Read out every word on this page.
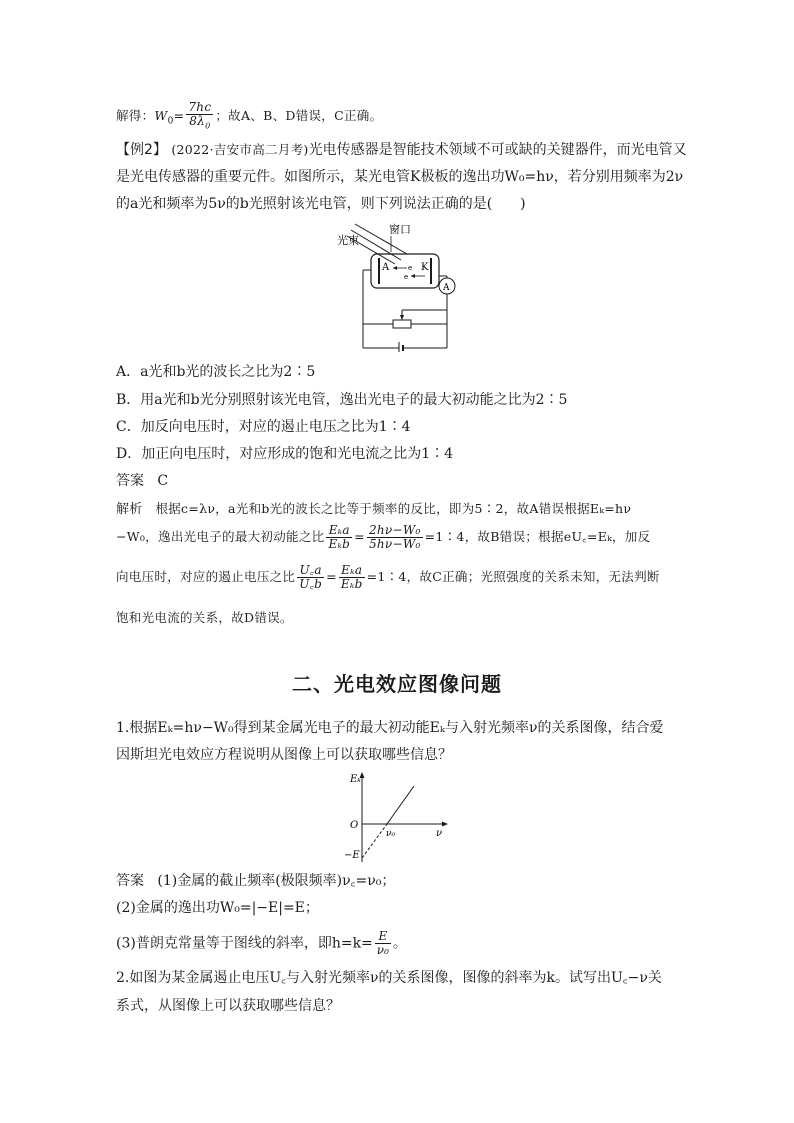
解得：$W_0= \frac{7hc}{8\lambda_0}$ ；故A、B、D错误，C正确。
【例2】 (2022·吉安市高二月考)光电传感器是智能技术领域不可或缺的关键器件，而光电管又
是光电传感器的重要元件。如图所示，某光电管K极板的逸出功W₀=hν，若分别用频率为2ν
的a光和频率为5ν的b光照射该光电管，则下列说法正确的是(　　)
光束
窗口
A	K
e
e
A
A．a光和b光的波长之比为2∶5
B．用a光和b光分别照射该光电管，逸出光电子的最大初动能之比为2∶5
C．加反向电压时，对应的遏止电压之比为1∶4
D．加正向电压时，对应形成的饱和光电流之比为1∶4
答案 C
解析 根据c=λν，a光和b光的波长之比等于频率的反比，即为5∶2，故A错误根据Eₖ=hν
−W₀，逸出光电子的最大初动能之比 $\frac{\text{Eₖa}}{\text{Eₖb}} = \frac{\text{2hν−W₀}}{\text{5hν−W₀}}$ =1∶4，故B错误；根据eU꜀=Eₖ，加反
向电压时，对应的遏止电压之比 $\frac{U꜀a}{U꜀b} = \frac{\text{Eₖa}}{\text{Eₖb}}$ =1∶4，故C正确；光照强度的关系未知，无法判断
饱和光电流的关系，故D错误。
二、光电效应图像问题
1.根据Eₖ=hν−W₀得到某金属光电子的最大初动能Eₖ与入射光频率ν的关系图像，结合爱
因斯坦光电效应方程说明从图像上可以获取哪些信息？
Eₖ
O
ν
ν₀
−E
答案 (1)金属的截止频率(极限频率)ν꜀=ν₀；
(2)金属的逸出功W₀=|−E|=E；
(3)普朗克常量等于图线的斜率，即$h=k= \frac{E}{\text{ν₀}}$ 。
2.如图为某金属遏止电压U꜀与入射光频率ν的关系图像，图像的斜率为k。试写出U꜀−ν关
系式，从图像上可以获取哪些信息？
